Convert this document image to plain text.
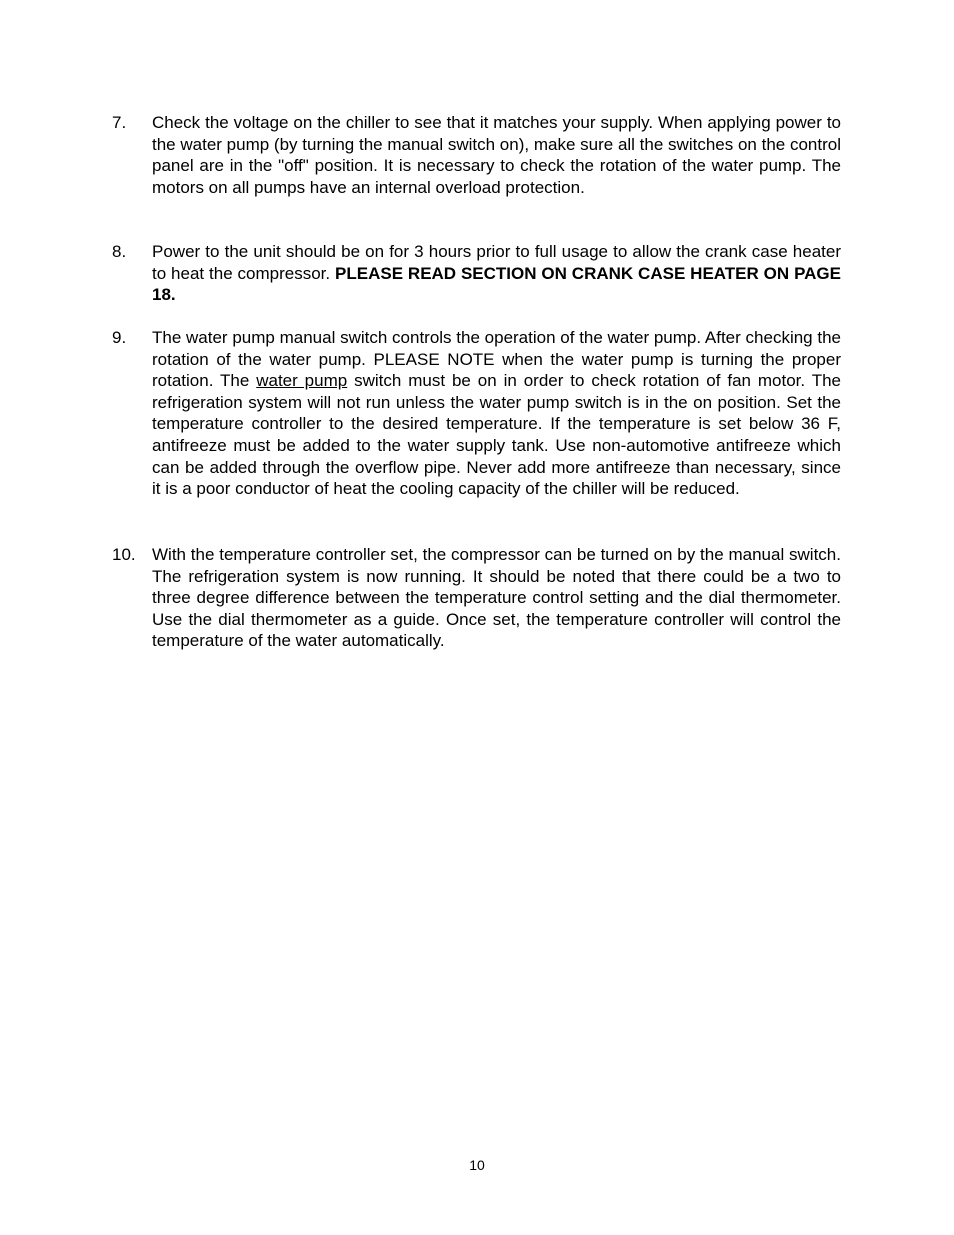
7. Check the voltage on the chiller to see that it matches your supply. When applying power to the water pump (by turning the manual switch on), make sure all the switches on the control panel are in the "off" position. It is necessary to check the rotation of the water pump. The motors on all pumps have an internal overload protection.

8. Power to the unit should be on for 3 hours prior to full usage to allow the crank case heater to heat the compressor. PLEASE READ SECTION ON CRANK CASE HEATER ON PAGE 18.

9. The water pump manual switch controls the operation of the water pump. After checking the rotation of the water pump. PLEASE NOTE when the water pump is turning the proper rotation. The water pump switch must be on in order to check rotation of fan motor. The refrigeration system will not run unless the water pump switch is in the on position. Set the temperature controller to the desired temperature. If the temperature is set below 36 F, antifreeze must be added to the water supply tank. Use non-automotive antifreeze which can be added through the overflow pipe. Never add more antifreeze than necessary, since it is a poor conductor of heat the cooling capacity of the chiller will be reduced.

10. With the temperature controller set, the compressor can be turned on by the manual switch. The refrigeration system is now running. It should be noted that there could be a two to three degree difference between the temperature control setting and the dial thermometer. Use the dial thermometer as a guide. Once set, the temperature controller will control the temperature of the water automatically.

10
